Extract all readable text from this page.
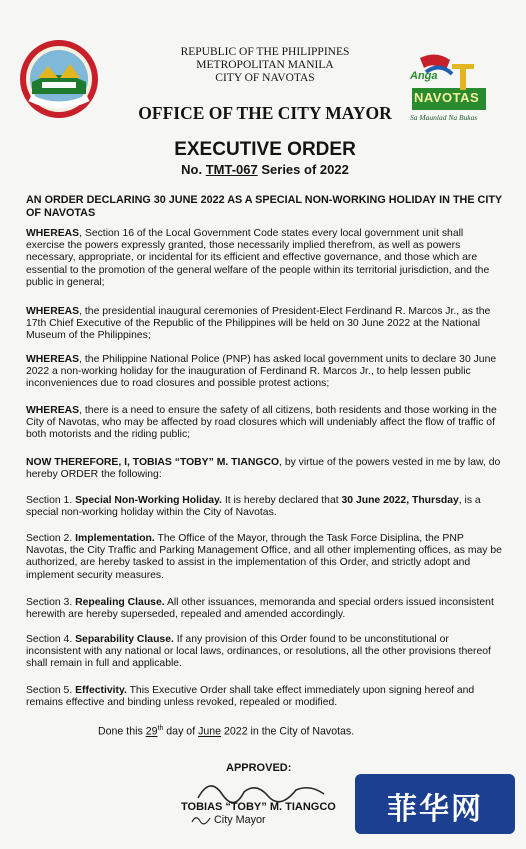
Anga
NAVOTAS
Sa Maunlad Na Bukas
REPUBLIC OF THE PHILIPPINES
METROPOLITAN MANILA
CITY OF NAVOTAS
OFFICE OF THE CITY MAYOR
EXECUTIVE ORDER
No. TMT-067 Series of 2022
AN ORDER DECLARING 30 JUNE 2022 AS A SPECIAL NON-WORKING HOLIDAY IN THE CITY OF NAVOTAS
WHEREAS, Section 16 of the Local Government Code states every local government unit shall exercise the powers expressly granted, those necessarily implied therefrom, as well as powers necessary, appropriate, or incidental for its efficient and effective governance, and those which are essential to the promotion of the general welfare of the people within its territorial jurisdiction, and the public in general;
WHEREAS, the presidential inaugural ceremonies of President-Elect Ferdinand R. Marcos Jr., as the 17th Chief Executive of the Republic of the Philippines will be held on 30 June 2022 at the National Museum of the Philippines;
WHEREAS, the Philippine National Police (PNP) has asked local government units to declare 30 June 2022 a non-working holiday for the inauguration of Ferdinand R. Marcos Jr., to help lessen public inconveniences due to road closures and possible protest actions;
WHEREAS, there is a need to ensure the safety of all citizens, both residents and those working in the City of Navotas, who may be affected by road closures which will undeniably affect the flow of traffic of both motorists and the riding public;
NOW THEREFORE, I, TOBIAS “TOBY” M. TIANGCO, by virtue of the powers vested in me by law, do hereby ORDER the following:
Section 1. Special Non-Working Holiday. It is hereby declared that 30 June 2022, Thursday, is a special non-working holiday within the City of Navotas.
Section 2. Implementation. The Office of the Mayor, through the Task Force Disiplina, the PNP Navotas, the City Traffic and Parking Management Office, and all other implementing offices, as may be authorized, are hereby tasked to assist in the implementation of this Order, and strictly adopt and implement security measures.
Section 3. Repealing Clause. All other issuances, memoranda and special orders issued inconsistent herewith are hereby superseded, repealed and amended accordingly.
Section 4. Separability Clause. If any provision of this Order found to be unconstitutional or inconsistent with any national or local laws, ordinances, or resolutions, all the other provisions thereof shall remain in full and applicable.
Section 5. Effectivity. This Executive Order shall take effect immediately upon signing hereof and remains effective and binding unless revoked, repealed or modified.
Done this 29th day of June 2022 in the City of Navotas.
APPROVED:
TOBIAS “TOBY” M. TIANGCO
City Mayor	菲华网
